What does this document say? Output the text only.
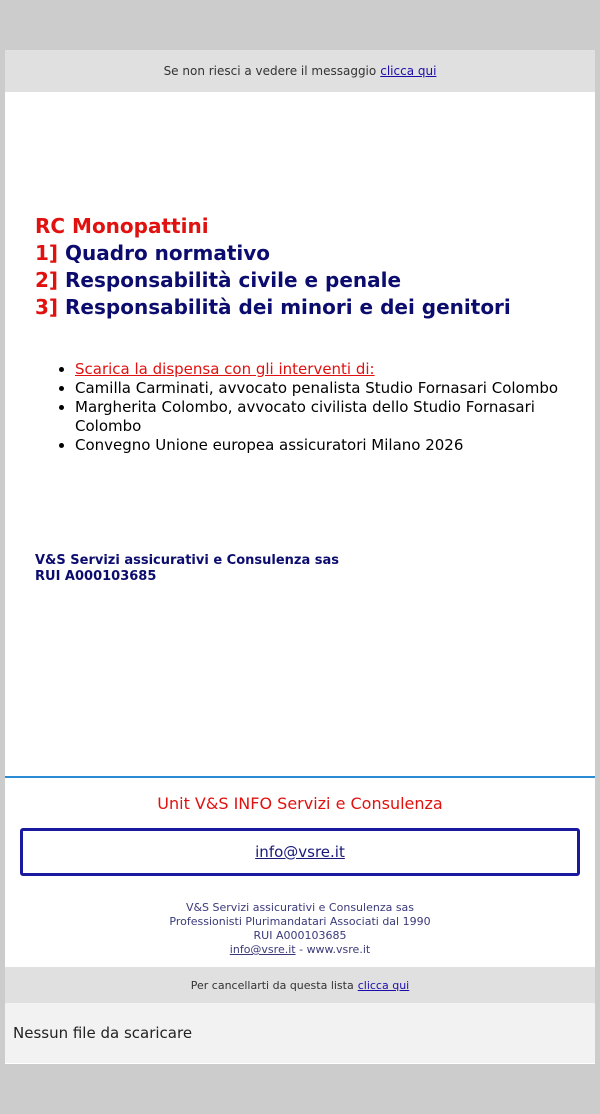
Se non riesci a vedere il messaggio clicca qui
RC Monopattini
1] Quadro normativo
2] Responsabilità civile e penale
3] Responsabilità dei minori e dei genitori
• Scarica la dispensa con gli interventi di:
• Camilla Carminati, avvocato penalista Studio Fornasari Colombo
• Margherita Colombo, avvocato civilista dello Studio Fornasari Colombo
• Convegno Unione europea assicuratori Milano 2026
V&S Servizi assicurativi e Consulenza sas
RUI A000103685
Unit V&S INFO Servizi e Consulenza
info@vsre.it
V&S Servizi assicurativi e Consulenza sas
Professionisti Plurimandatari Associati dal 1990
RUI A000103685
info@vsre.it - www.vsre.it
Per cancellarti da questa lista clicca qui
Nessun file da scaricare
